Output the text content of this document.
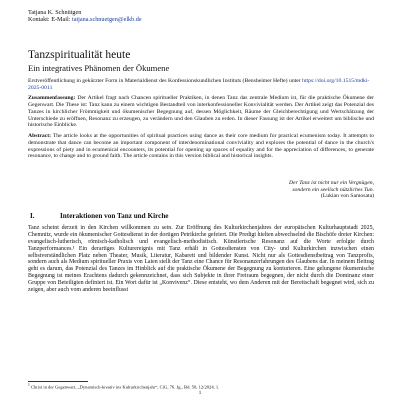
Tatjana K. Schnütgen
Kontakt: E-Mail: tatjana.schnuetgen@elkb.de
Tanzspiritualität heute
Ein integratives Phänomen der Ökumene
Erstveröffentlichung in gekürzter Form in Materialdienst des Konfessionskundlichen Instituts (Bensheimer Hefte) unter https://doi.org/10.1515/mdki-2025-0011
Zusammenfassung: Der Artikel fragt nach Chancen spiritueller Praktiken, in denen Tanz das zentrale Medium ist, für die praktische Ökumene der Gegenwart. Die These ist: Tanz kann zu einem wichtigen Bestandteil von interkonfessioneller Konvivialität werden. Der Artikel zeigt das Potenzial des Tanzes in kirchlicher Frömmigkeit und ökumenischer Begegnung auf, dessen Möglichkeit, Räume der Gleichberechtigung und Wertschätzung der Unterschiede zu eröffnen, Resonanz zu erzeugen, zu verändern und den Glauben zu erden. In dieser Fassung ist der Artikel erweitert um biblische und historische Einblicke.
Abstract: The article looks at the opportunities of spiritual practices using dance as their core medium for practical ecumenism today. It attempts to demonstrate that dance can become an important component of interdenominational conviviality and explores the potential of dance in the church's expressions of piety and in ecumenical encounters, its potential for opening up spaces of equality and for the appreciation of differences, to generate resonance, to change and to ground faith. The article contains in this version biblical and historical insights.
Der Tanz ist nicht nur ein Vergnügen,
sondern ein seelisch nützliches Tun.
(Lukian von Samosata)
I.	Interaktionen von Tanz und Kirche
Tanz scheint derzeit in den Kirchen willkommen zu sein. Zur Eröffnung des Kulturkirchenjahres der europäischen Kulturhauptstadt 2025, Chemnitz, wurde ein ökumenischer Gottesdienst in der dortigen Petrikirche gefeiert. Die Predigt hielten abwechselnd die Bischöfe dreier Kirchen: evangelisch-lutherisch, römisch-katholisch und evangelisch-methodistisch. Künstlerische Resonanz auf die Worte erfolgte durch Tanzperformances.¹ Ein derartiges Kulturereignis mit Tanz erhält in Gottesdiensten von City- und Kulturkirchen inzwischen einen selbstverständlichen Platz neben Theater, Musik, Literatur, Kabarett und bildender Kunst. Nicht nur als Gottesdienstbeitrag von Tanzprofis, sondern auch als Medium spiritueller Praxis von Laien stellt der Tanz eine Chance für Resonanzerfahrungen des Glaubens dar. In meinem Beitrag geht es darum, das Potenzial des Tanzes im Hinblick auf die praktische Ökumene der Begegnung zu konturieren. Eine gelungene ökumenische Begegnung ist meines Erachtens dadurch gekennzeichnet, dass sich Subjekte in ihrer Freiraum begegnen, der nicht durch die Dominanz einer Gruppe von Beteiligten definiert ist. Ein Wort dafür ist „Konvivenz“. Diese entsteht, wo dem Anderen mit der Bereitschaft begegnet wird, sich zu zeigen, aber auch vom anderen beeinflusst
$^1$ Christ in der Gegenwart, „Dynamisch-kreativ ins Kulturkirchenjahr“, CiG, 76. Jg., Bd. 50, 12/2024, 1.
1
